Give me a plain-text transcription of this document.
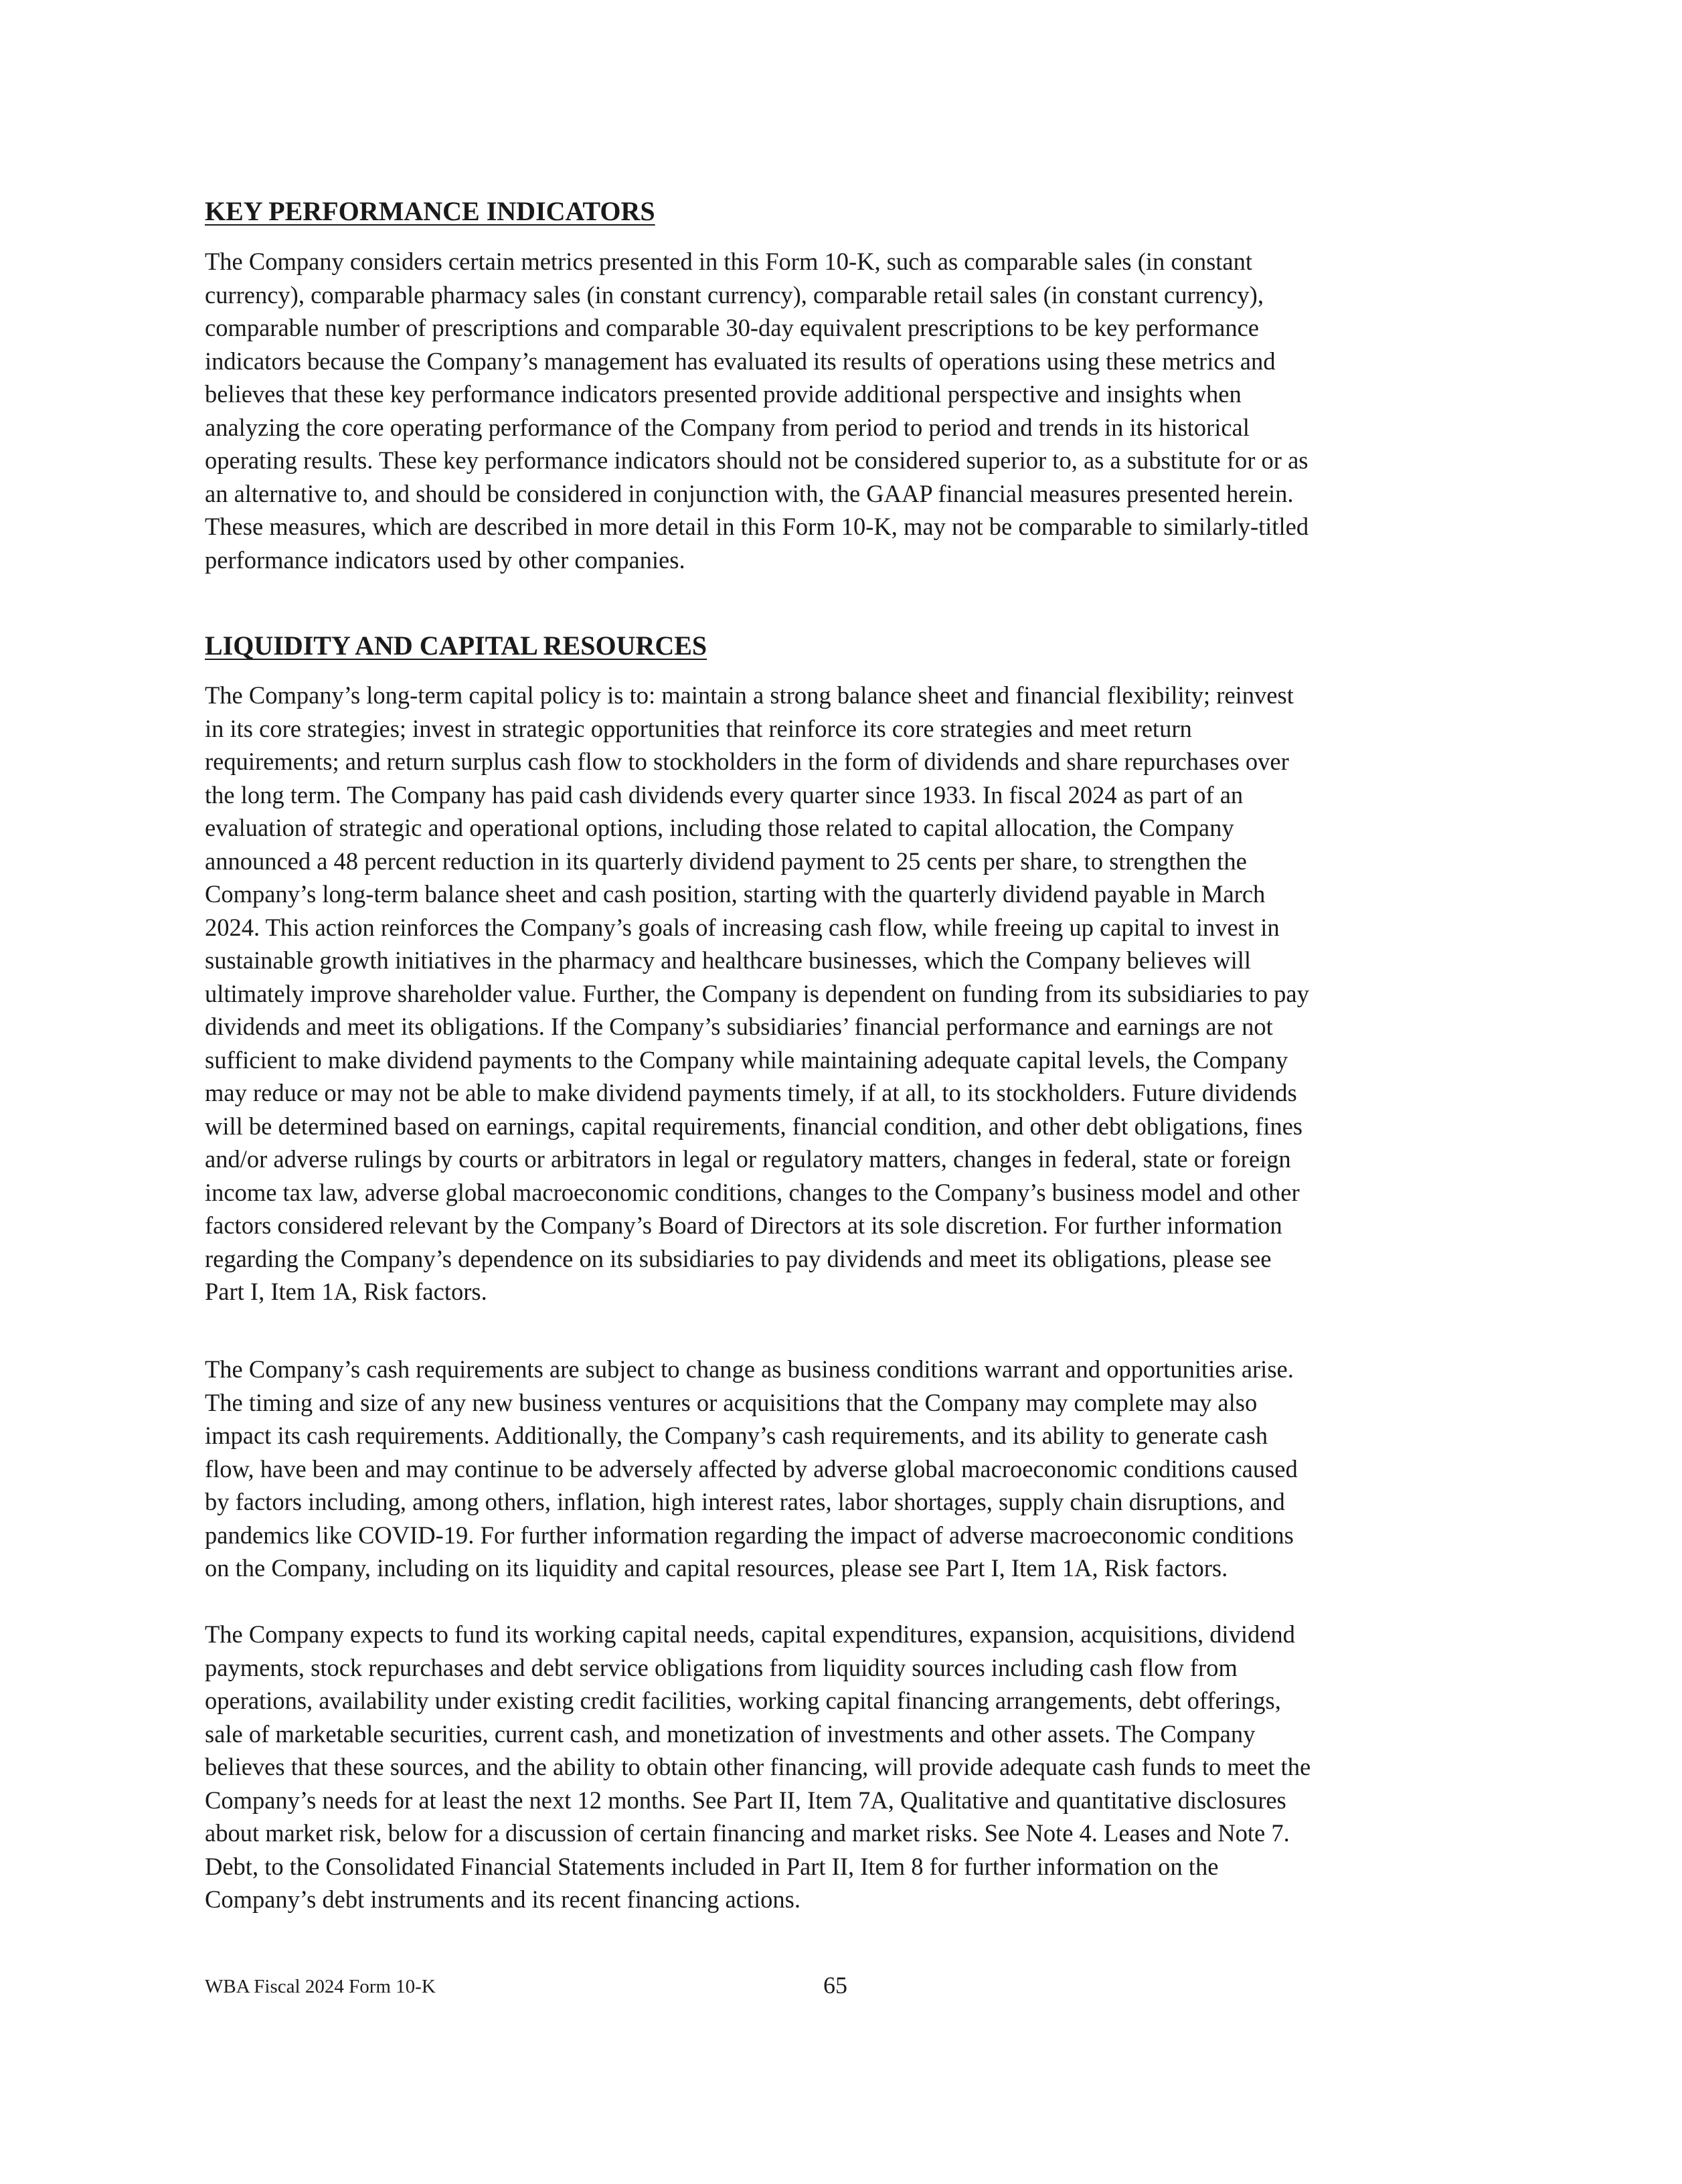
KEY PERFORMANCE INDICATORS

The Company considers certain metrics presented in this Form 10-K, such as comparable sales (in constant
currency), comparable pharmacy sales (in constant currency), comparable retail sales (in constant currency),
comparable number of prescriptions and comparable 30-day equivalent prescriptions to be key performance
indicators because the Company’s management has evaluated its results of operations using these metrics and
believes that these key performance indicators presented provide additional perspective and insights when
analyzing the core operating performance of the Company from period to period and trends in its historical
operating results. These key performance indicators should not be considered superior to, as a substitute for or as
an alternative to, and should be considered in conjunction with, the GAAP financial measures presented herein.
These measures, which are described in more detail in this Form 10-K, may not be comparable to similarly-titled
performance indicators used by other companies.

LIQUIDITY AND CAPITAL RESOURCES

The Company’s long-term capital policy is to: maintain a strong balance sheet and financial flexibility; reinvest
in its core strategies; invest in strategic opportunities that reinforce its core strategies and meet return
requirements; and return surplus cash flow to stockholders in the form of dividends and share repurchases over
the long term. The Company has paid cash dividends every quarter since 1933. In fiscal 2024 as part of an
evaluation of strategic and operational options, including those related to capital allocation, the Company
announced a 48 percent reduction in its quarterly dividend payment to 25 cents per share, to strengthen the
Company’s long-term balance sheet and cash position, starting with the quarterly dividend payable in March
2024. This action reinforces the Company’s goals of increasing cash flow, while freeing up capital to invest in
sustainable growth initiatives in the pharmacy and healthcare businesses, which the Company believes will
ultimately improve shareholder value. Further, the Company is dependent on funding from its subsidiaries to pay
dividends and meet its obligations. If the Company’s subsidiaries’ financial performance and earnings are not
sufficient to make dividend payments to the Company while maintaining adequate capital levels, the Company
may reduce or may not be able to make dividend payments timely, if at all, to its stockholders. Future dividends
will be determined based on earnings, capital requirements, financial condition, and other debt obligations, fines
and/or adverse rulings by courts or arbitrators in legal or regulatory matters, changes in federal, state or foreign
income tax law, adverse global macroeconomic conditions, changes to the Company’s business model and other
factors considered relevant by the Company’s Board of Directors at its sole discretion. For further information
regarding the Company’s dependence on its subsidiaries to pay dividends and meet its obligations, please see
Part I, Item 1A, Risk factors.

The Company’s cash requirements are subject to change as business conditions warrant and opportunities arise.
The timing and size of any new business ventures or acquisitions that the Company may complete may also
impact its cash requirements. Additionally, the Company’s cash requirements, and its ability to generate cash
flow, have been and may continue to be adversely affected by adverse global macroeconomic conditions caused
by factors including, among others, inflation, high interest rates, labor shortages, supply chain disruptions, and
pandemics like COVID-19. For further information regarding the impact of adverse macroeconomic conditions
on the Company, including on its liquidity and capital resources, please see Part I, Item 1A, Risk factors.

The Company expects to fund its working capital needs, capital expenditures, expansion, acquisitions, dividend
payments, stock repurchases and debt service obligations from liquidity sources including cash flow from
operations, availability under existing credit facilities, working capital financing arrangements, debt offerings,
sale of marketable securities, current cash, and monetization of investments and other assets. The Company
believes that these sources, and the ability to obtain other financing, will provide adequate cash funds to meet the
Company’s needs for at least the next 12 months. See Part II, Item 7A, Qualitative and quantitative disclosures
about market risk, below for a discussion of certain financing and market risks. See Note 4. Leases and Note 7.
Debt, to the Consolidated Financial Statements included in Part II, Item 8 for further information on the
Company’s debt instruments and its recent financing actions.

WBA Fiscal 2024 Form 10-K	65
